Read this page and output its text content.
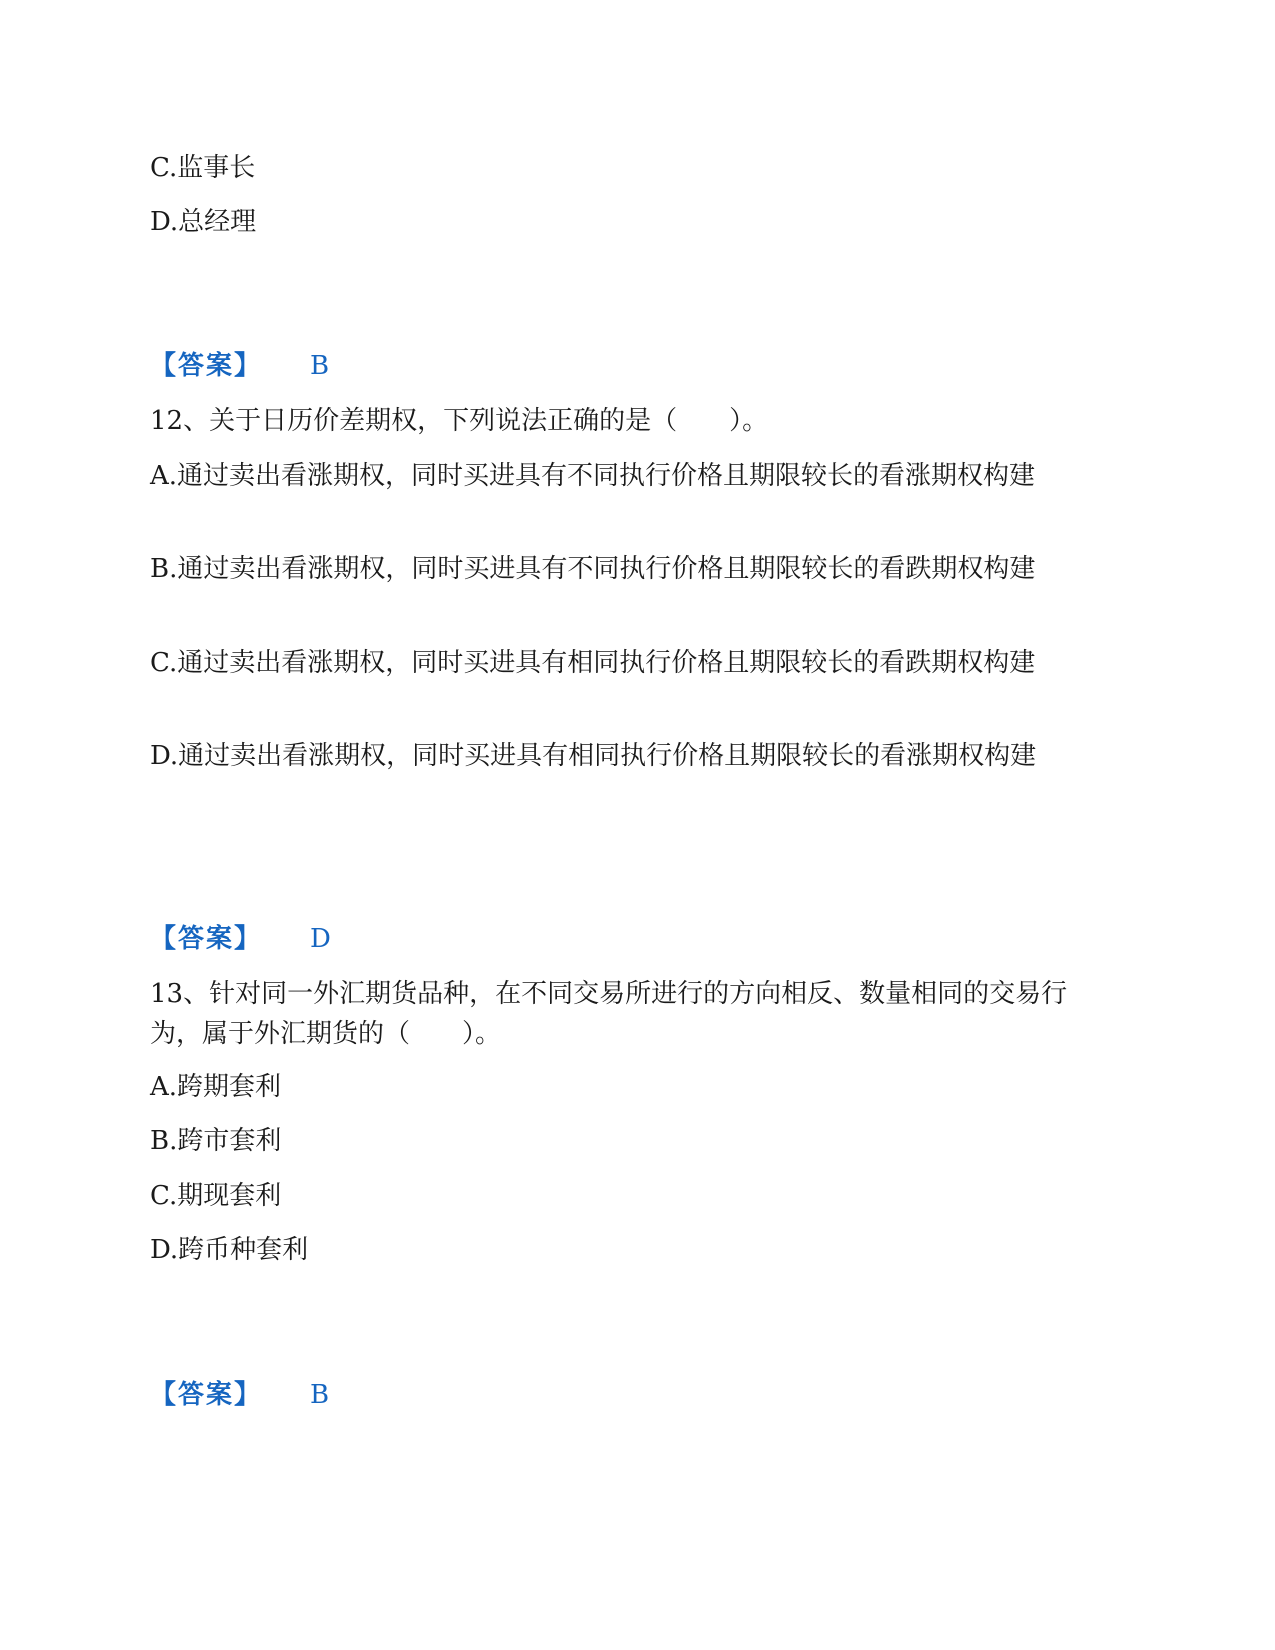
C.监事长
D.总经理
【答案】 B
12、关于日历价差期权，下列说法正确的是（　　）。
A.通过卖出看涨期权，同时买进具有不同执行价格且期限较长的看涨期权构建
B.通过卖出看涨期权，同时买进具有不同执行价格且期限较长的看跌期权构建
C.通过卖出看涨期权，同时买进具有相同执行价格且期限较长的看跌期权构建
D.通过卖出看涨期权，同时买进具有相同执行价格且期限较长的看涨期权构建
【答案】 D
13、针对同一外汇期货品种，在不同交易所进行的方向相反、数量相同的交易行为，属于外汇期货的（　　）。
A.跨期套利
B.跨市套利
C.期现套利
D.跨币种套利
【答案】 B
